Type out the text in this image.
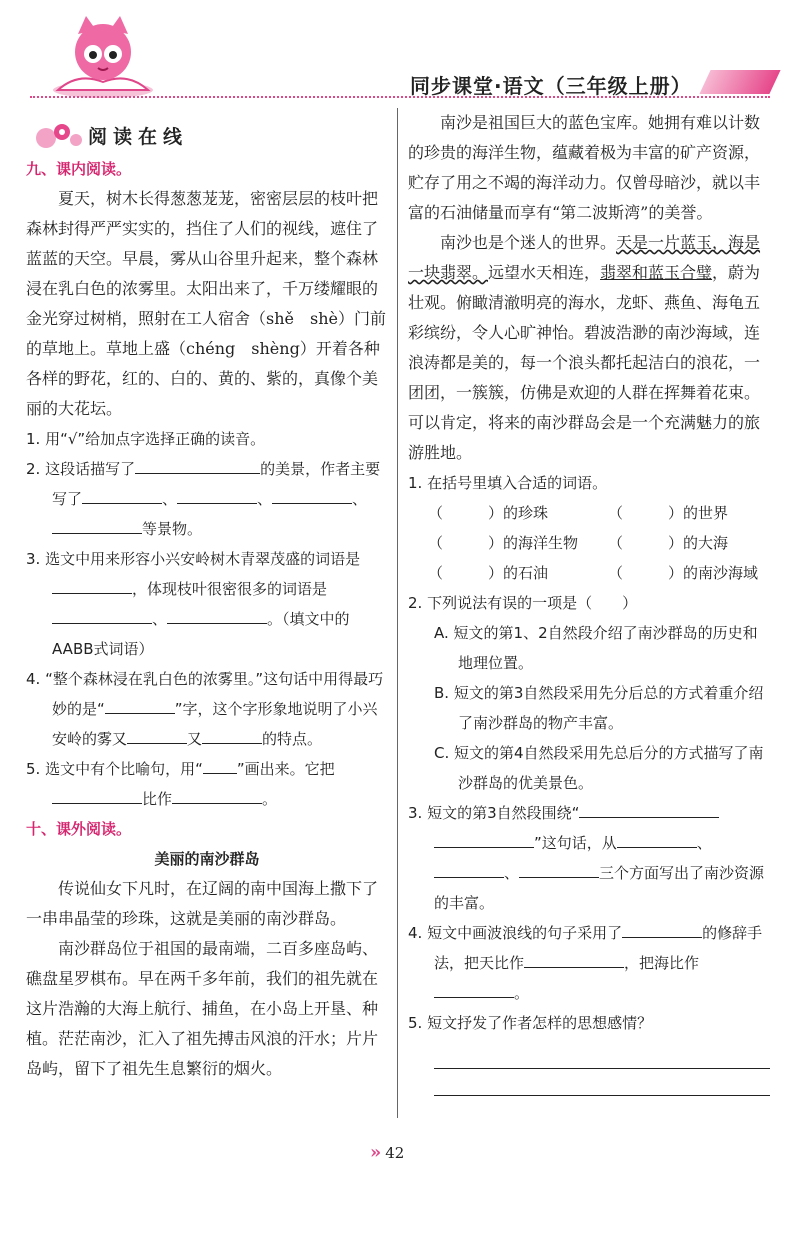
同步课堂·语文（三年级上册）
阅读在线

九、课内阅读。

夏天，树木长得葱葱茏茏，密密层层的枝叶把森林封得严严实实的，挡住了人们的视线，遮住了蓝蓝的天空。早晨，雾从山谷里升起来，整个森林浸在乳白色的浓雾里。太阳出来了，千万缕耀眼的金光穿过树梢，照射在工人宿舍（shě　shè）门前的草地上。草地上盛（chéng　shèng）开着各种各样的野花，红的、白的、黄的、紫的，真像个美丽的大花坛。

1. 用“√”给加点字选择正确的读音。

2. 这段话描写了	的美景，作者主要写了	、	、	、等景物。

3. 选文中用来形容小兴安岭树木青翠茂盛的词语是，体现枝叶很密很多的词语是、	。（填文中的AABB式词语）

4. “整个森林浸在乳白色的浓雾里。”这句话中用得最巧妙的是“	”字，这个字形象地说明了小兴安岭的雾又	又	的特点。

5. 选文中有个比喻句，用“ ”画出来。它把比作	。

十、课外阅读。

美丽的南沙群岛

传说仙女下凡时，在辽阔的南中国海上撒下了一串串晶莹的珍珠，这就是美丽的南沙群岛。

南沙群岛位于祖国的最南端，二百多座岛屿、礁盘星罗棋布。早在两千多年前，我们的祖先就在这片浩瀚的大海上航行、捕鱼，在小岛上开垦、种植。茫茫南沙，汇入了祖先搏击风浪的汗水；片片岛屿，留下了祖先生息繁衍的烟火。

南沙是祖国巨大的蓝色宝库。她拥有难以计数的珍贵的海洋生物，蕴藏着极为丰富的矿产资源，贮存了用之不竭的海洋动力。仅曾母暗沙，就以丰富的石油储量而享有“第二波斯湾”的美誉。

南沙也是个迷人的世界。天是一片蓝玉，海是一块翡翠。远望水天相连，翡翠和蓝玉合璧，蔚为壮观。俯瞰清澈明亮的海水，龙虾、燕鱼、海龟五彩缤纷，令人心旷神怡。碧波浩渺的南沙海域，连浪涛都是美的，每一个浪头都托起洁白的浪花，一团团，一簇簇，仿佛是欢迎的人群在挥舞着花束。可以肯定，将来的南沙群岛会是一个充满魅力的旅游胜地。

1. 在括号里填入合适的词语。

（　　　）的珍珠	（　　　）的世界
（　　　）的海洋生物	（　　　）的大海
（　　　）的石油	（　　　）的南沙海域

2. 下列说法有误的一项是（　　）

A. 短文的第1、2自然段介绍了南沙群岛的历史和地理位置。

B. 短文的第3自然段采用先分后总的方式着重介绍了南沙群岛的物产丰富。

C. 短文的第4自然段采用先总后分的方式描写了南沙群岛的优美景色。

3. 短文的第3自然段围绕“”这句话，从	、、	三个方面写出了南沙资源的丰富。

4. 短文中画波浪线的句子采用了	的修辞手法，把天比作	，把海比作。

5. 短文抒发了作者怎样的思想感情？

» 42
